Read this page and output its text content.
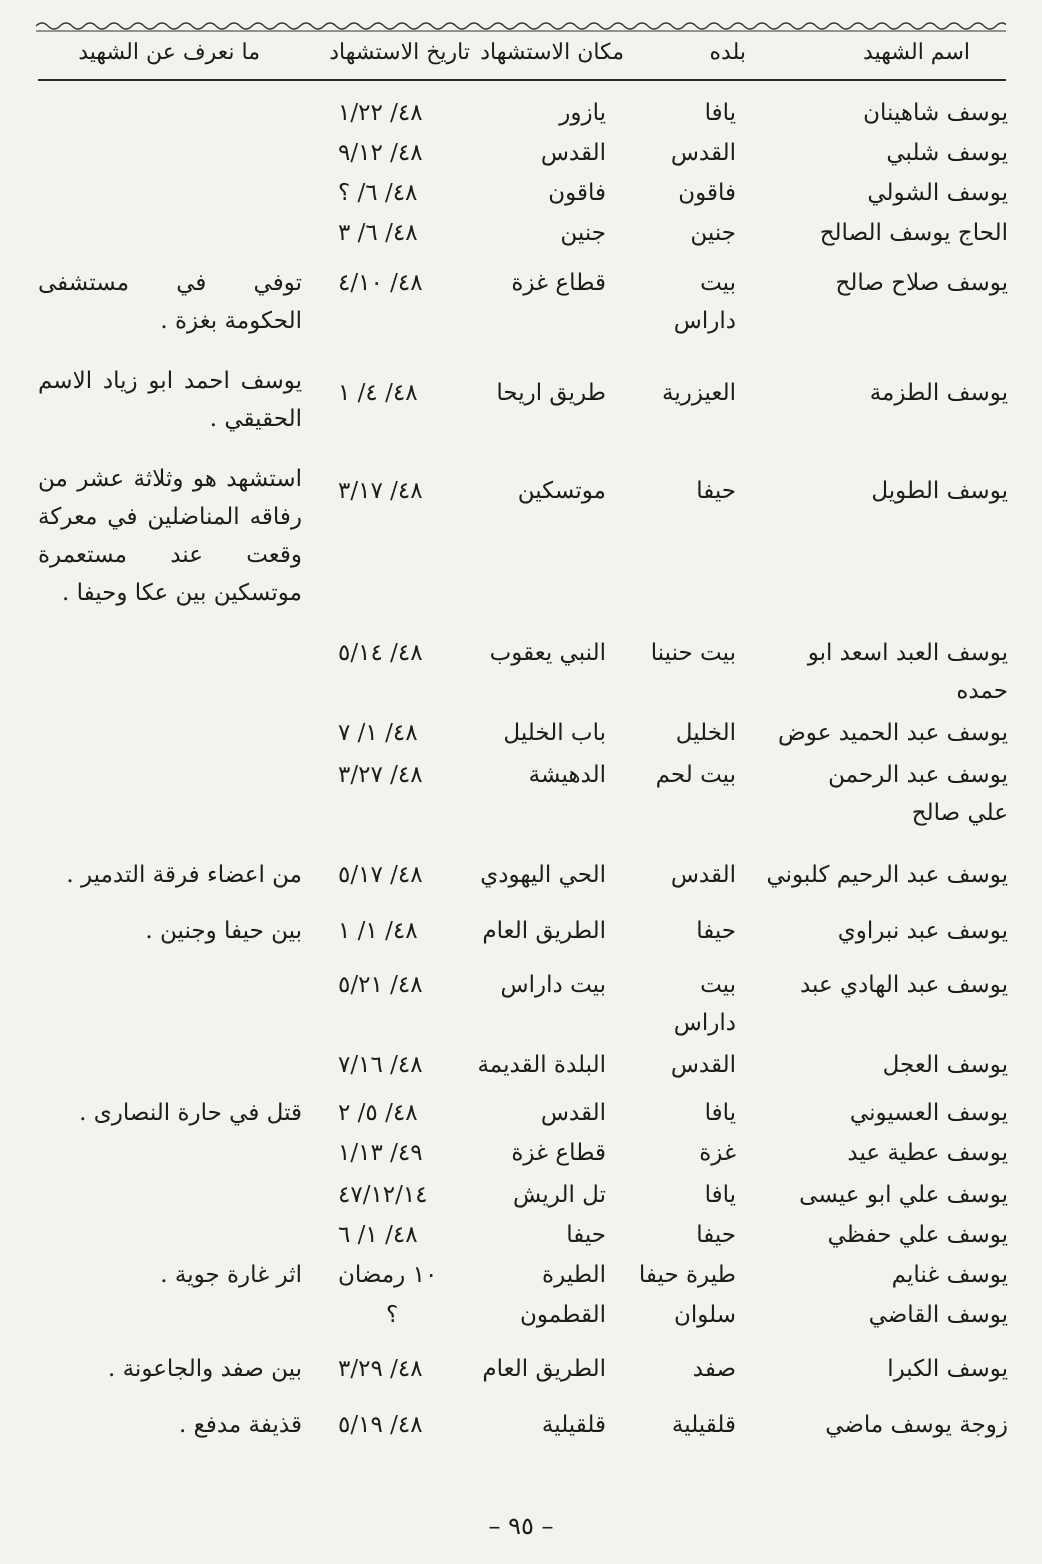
اسم الشهيد
بلده
مكان الاستشهاد
تاريخ الاستشهاد
ما نعرف عن الشهيد
يوسف شاهينان
يافا
يازور
٤٨/ ١/٢٢
يوسف شلبي
القدس
القدس
٤٨/ ٩/١٢
يوسف الشولي
فاقون
فاقون
٤٨/ ٦/ ؟
الحاج يوسف الصالح
جنين
جنين
٤٨/ ٦/ ٣
يوسف صلاح صالح
بيت داراس
قطاع غزة
٤٨/ ٤/١٠
توفي في مستشفى الحكومة بغزة .
يوسف الطزمة
العيزرية
طريق اريحا
٤٨/ ٤/ ١
يوسف احمد ابو زياد الاسم الحقيقي .
يوسف الطويل
حيفا
موتسكين
٤٨/ ٣/١٧
استشهد هو وثلاثة عشر من رفاقه المناضلين في معركة وقعت عند مستعمرة موتسكين بين عكا وحيفا .
يوسف العبد اسعد ابو حمده
بيت حنينا
النبي يعقوب
٤٨/ ٥/١٤
يوسف عبد الحميد عوض
الخليل
باب الخليل
٤٨/ ١/ ٧
يوسف عبد الرحمن علي صالح
بيت لحم
الدهيشة
٤٨/ ٣/٢٧
يوسف عبد الرحيم كلبوني
القدس
الحي اليهودي
٤٨/ ٥/١٧
من اعضاء فرقة التدمير .
يوسف عبد نبراوي
حيفا
الطريق العام
٤٨/ ١/ ١
بين حيفا وجنين .
يوسف عبد الهادي عبد
بيت داراس
بيت داراس
٤٨/ ٥/٢١
يوسف العجل
القدس
البلدة القديمة
٤٨/ ٧/١٦
يوسف العسيوني
يافا
القدس
٤٨/ ٥/ ٢
قتل في حارة النصارى .
يوسف عطية عيد
غزة
قطاع غزة
٤٩/ ١/١٣
يوسف علي ابو عيسى
يافا
تل الريش
٤٧/١٢/١٤
يوسف علي حفظي
حيفا
حيفا
٤٨/ ١/ ٦
يوسف غنايم
طيرة حيفا
الطيرة
١٠ رمضان
اثر غارة جوية .
يوسف القاضي
سلوان
القطمون
؟
يوسف الكبرا
صفد
الطريق العام
٤٨/ ٣/٢٩
بين صفد والجاعونة .
زوجة يوسف ماضي
قلقيلية
قلقيلية
٤٨/ ٥/١٩
قذيفة مدفع .
– ٩٥ –
